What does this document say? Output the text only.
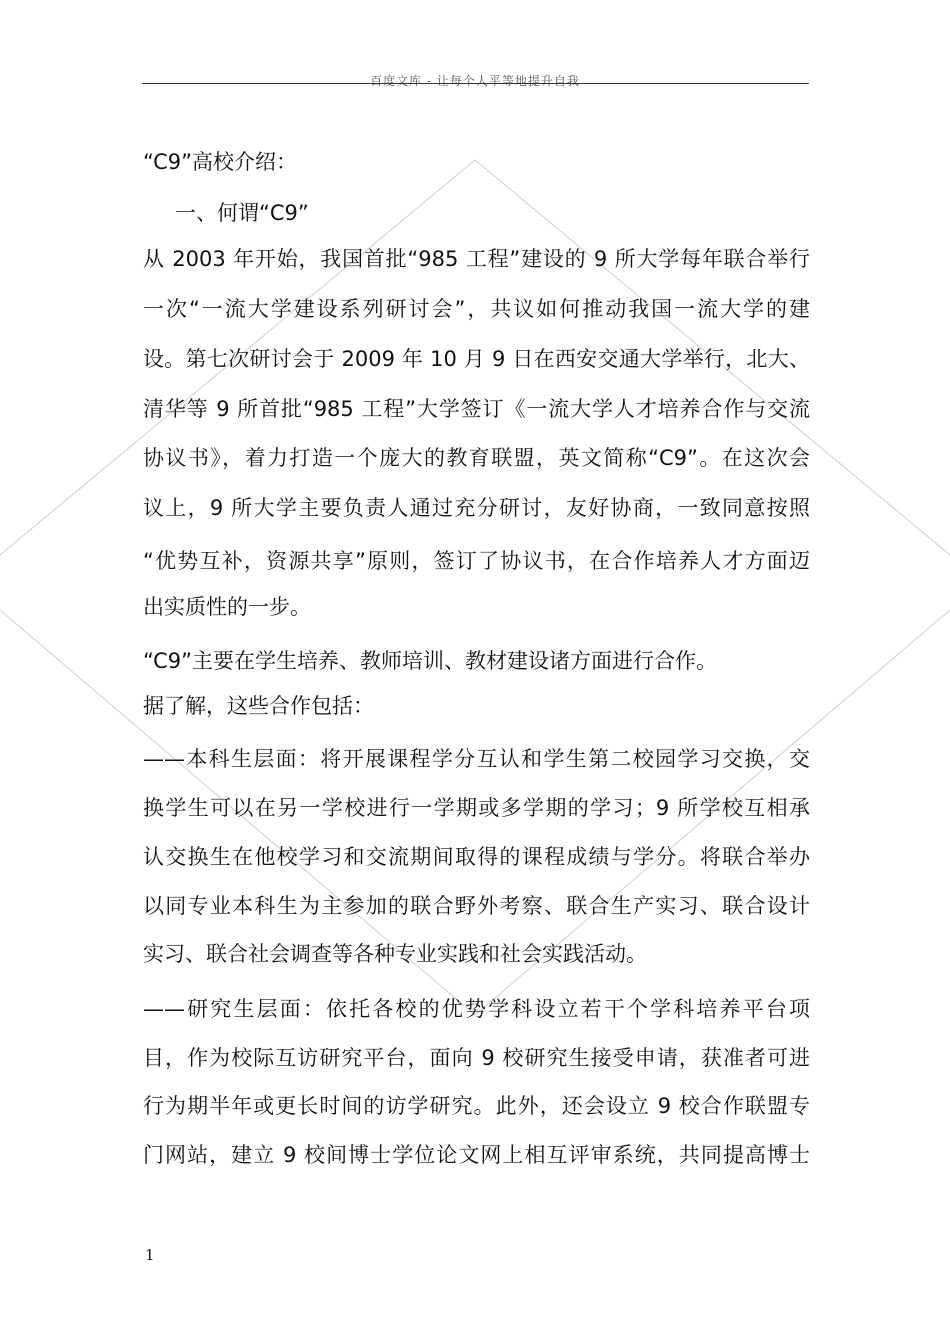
百度文库 - 让每个人平等地提升自我
“C9”高校介绍：
一、何谓“C9”
从 2003 年开始，我国首批“985 工程”建设的 9 所大学每年联合举行
一次“一流大学建设系列研讨会”，共议如何推动我国一流大学的建
设。第七次研讨会于 2009 年 10 月 9 日在西安交通大学举行，北大、
清华等 9 所首批“985 工程”大学签订《一流大学人才培养合作与交流
协议书》，着力打造一个庞大的教育联盟，英文简称“C9”。在这次会
议上，9 所大学主要负责人通过充分研讨，友好协商，一致同意按照
“优势互补，资源共享”原则，签订了协议书，在合作培养人才方面迈
出实质性的一步。
“C9”主要在学生培养、教师培训、教材建设诸方面进行合作。
据了解，这些合作包括：
——本科生层面：将开展课程学分互认和学生第二校园学习交换，交
换学生可以在另一学校进行一学期或多学期的学习；9 所学校互相承
认交换生在他校学习和交流期间取得的课程成绩与学分。将联合举办
以同专业本科生为主参加的联合野外考察、联合生产实习、联合设计
实习、联合社会调查等各种专业实践和社会实践活动。
——研究生层面：依托各校的优势学科设立若干个学科培养平台项
目，作为校际互访研究平台，面向 9 校研究生接受申请，获准者可进
行为期半年或更长时间的访学研究。此外，还会设立 9 校合作联盟专
门网站，建立 9 校间博士学位论文网上相互评审系统，共同提高博士
1
